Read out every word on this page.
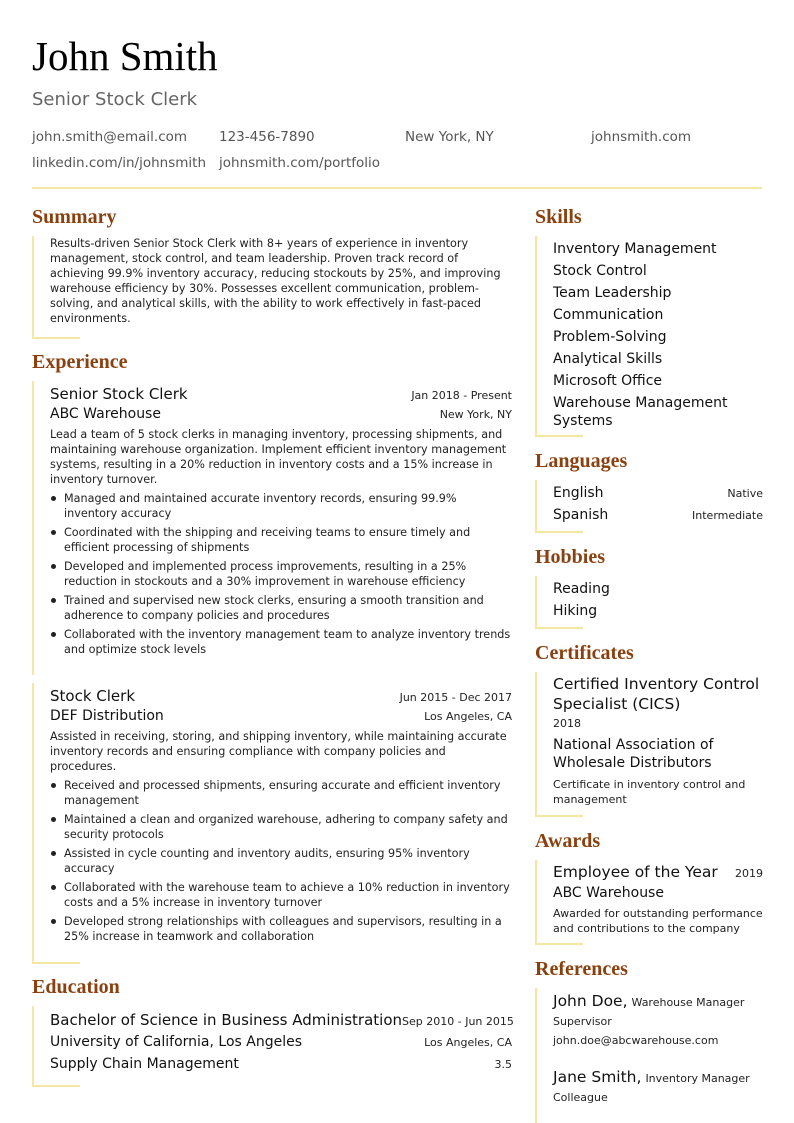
John Smith
Senior Stock Clerk
john.smith@email.com 123-456-7890	New York, NY	johnsmith.com
linkedin.com/in/johnsmith johnsmith.com/portfolio
Summary

Results-driven Senior Stock Clerk with 8+ years of experience in inventory management, stock control, and team leadership. Proven track record of achieving 99.9% inventory accuracy, reducing stockouts by 25%, and improving warehouse efficiency by 30%. Possesses excellent communication, problem-solving, and analytical skills, with the ability to work effectively in fast-paced environments.

Experience
Senior Stock Clerk	Jan 2018 - Present
ABC Warehouse	New York, NY

Lead a team of 5 stock clerks in managing inventory, processing shipments, and maintaining warehouse organization. Implement efficient inventory management systems, resulting in a 20% reduction in inventory costs and a 15% increase in inventory turnover.

Managed and maintained accurate inventory records, ensuring 99.9% inventory accuracy
Coordinated with the shipping and receiving teams to ensure timely and efficient processing of shipments
Developed and implemented process improvements, resulting in a 25% reduction in stockouts and a 30% improvement in warehouse efficiency
Trained and supervised new stock clerks, ensuring a smooth transition and adherence to company policies and procedures
Collaborated with the inventory management team to analyze inventory trends and optimize stock levels
Stock Clerk	Jun 2015 - Dec 2017
DEF Distribution	Los Angeles, CA

Assisted in receiving, storing, and shipping inventory, while maintaining accurate inventory records and ensuring compliance with company policies and procedures.

Received and processed shipments, ensuring accurate and efficient inventory management
Maintained a clean and organized warehouse, adhering to company safety and security protocols
Assisted in cycle counting and inventory audits, ensuring 95% inventory accuracy
Collaborated with the warehouse team to achieve a 10% reduction in inventory costs and a 5% increase in inventory turnover
Developed strong relationships with colleagues and supervisors, resulting in a 25% increase in teamwork and collaboration
Education
Bachelor of Science in Business Administration Sep 2010 - Jun 2015
University of California, Los Angeles	Los Angeles, CA
Supply Chain Management	3.5
Skills
Inventory Management
Stock Control
Team Leadership
Communication
Problem-Solving
Analytical Skills
Microsoft Office
Warehouse Management Systems
Languages
English	Native
Spanish	Intermediate
Hobbies
Reading
Hiking
Certificates
Certified Inventory Control Specialist (CICS)
2018
National Association of Wholesale Distributors
Certificate in inventory control and management
Awards
Employee of the Year 2019
ABC Warehouse
Awarded for outstanding performance and contributions to the company
References
John Doe, Warehouse Manager
Supervisor
john.doe@abcwarehouse.com
Jane Smith, Inventory Manager
Colleague
